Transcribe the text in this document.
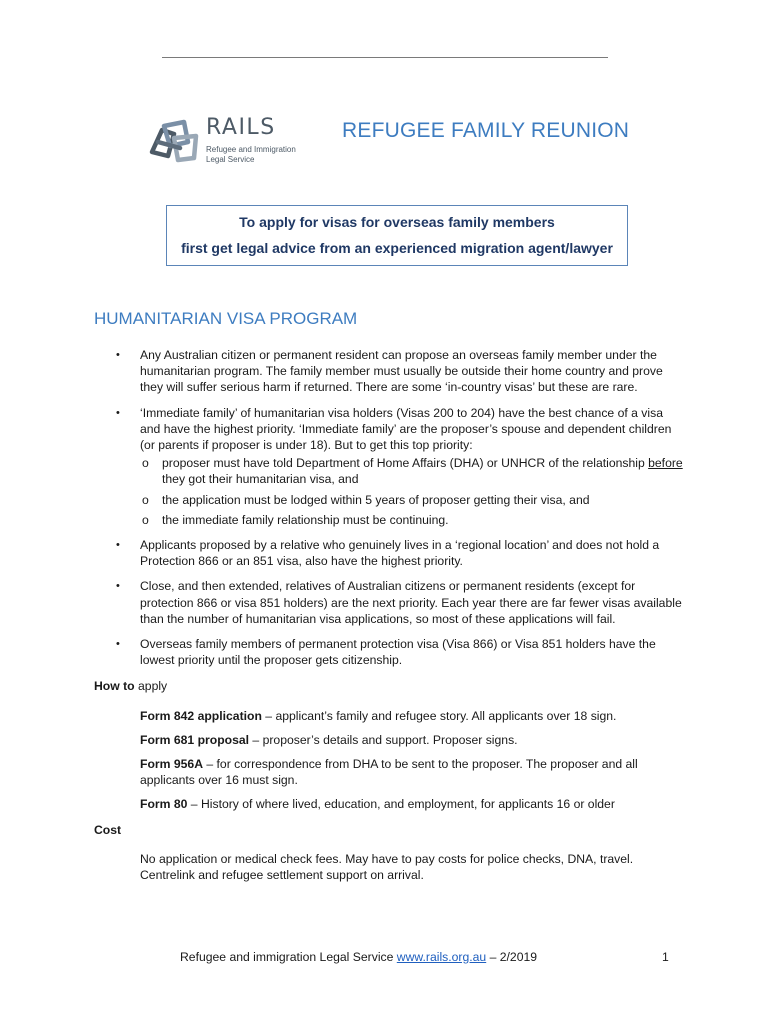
RAILS
Refugee and Immigration
Legal Service
REFUGEE FAMILY REUNION
To apply for visas for overseas family members
first get legal advice from an experienced migration agent/lawyer
HUMANITARIAN VISA PROGRAM
• Any Australian citizen or permanent resident can propose an overseas family member under the humanitarian program. The family member must usually be outside their home country and prove they will suffer serious harm if returned. There are some ‘in-country visas’ but these are rare.
• ‘Immediate family’ of humanitarian visa holders (Visas 200 to 204) have the best chance of a visa and have the highest priority. ‘Immediate family’ are the proposer’s spouse and dependent children (or parents if proposer is under 18). But to get this top priority:
o proposer must have told Department of Home Affairs (DHA) or UNHCR of the relationship before they got their humanitarian visa, and
o the application must be lodged within 5 years of proposer getting their visa, and
o the immediate family relationship must be continuing.
• Applicants proposed by a relative who genuinely lives in a ‘regional location’ and does not hold a Protection 866 or an 851 visa, also have the highest priority.
• Close, and then extended, relatives of Australian citizens or permanent residents (except for protection 866 or visa 851 holders) are the next priority. Each year there are far fewer visas available than the number of humanitarian visa applications, so most of these applications will fail.
• Overseas family members of permanent protection visa (Visa 866) or Visa 851 holders have the lowest priority until the proposer gets citizenship.
How to apply
Form 842 application – applicant’s family and refugee story. All applicants over 18 sign.
Form 681 proposal – proposer’s details and support. Proposer signs.
Form 956A – for correspondence from DHA to be sent to the proposer. The proposer and all applicants over 16 must sign.
Form 80 – History of where lived, education, and employment, for applicants 16 or older
Cost
No application or medical check fees. May have to pay costs for police checks, DNA, travel. Centrelink and refugee settlement support on arrival.
Refugee and immigration Legal Service www.rails.org.au – 2/2019	1
